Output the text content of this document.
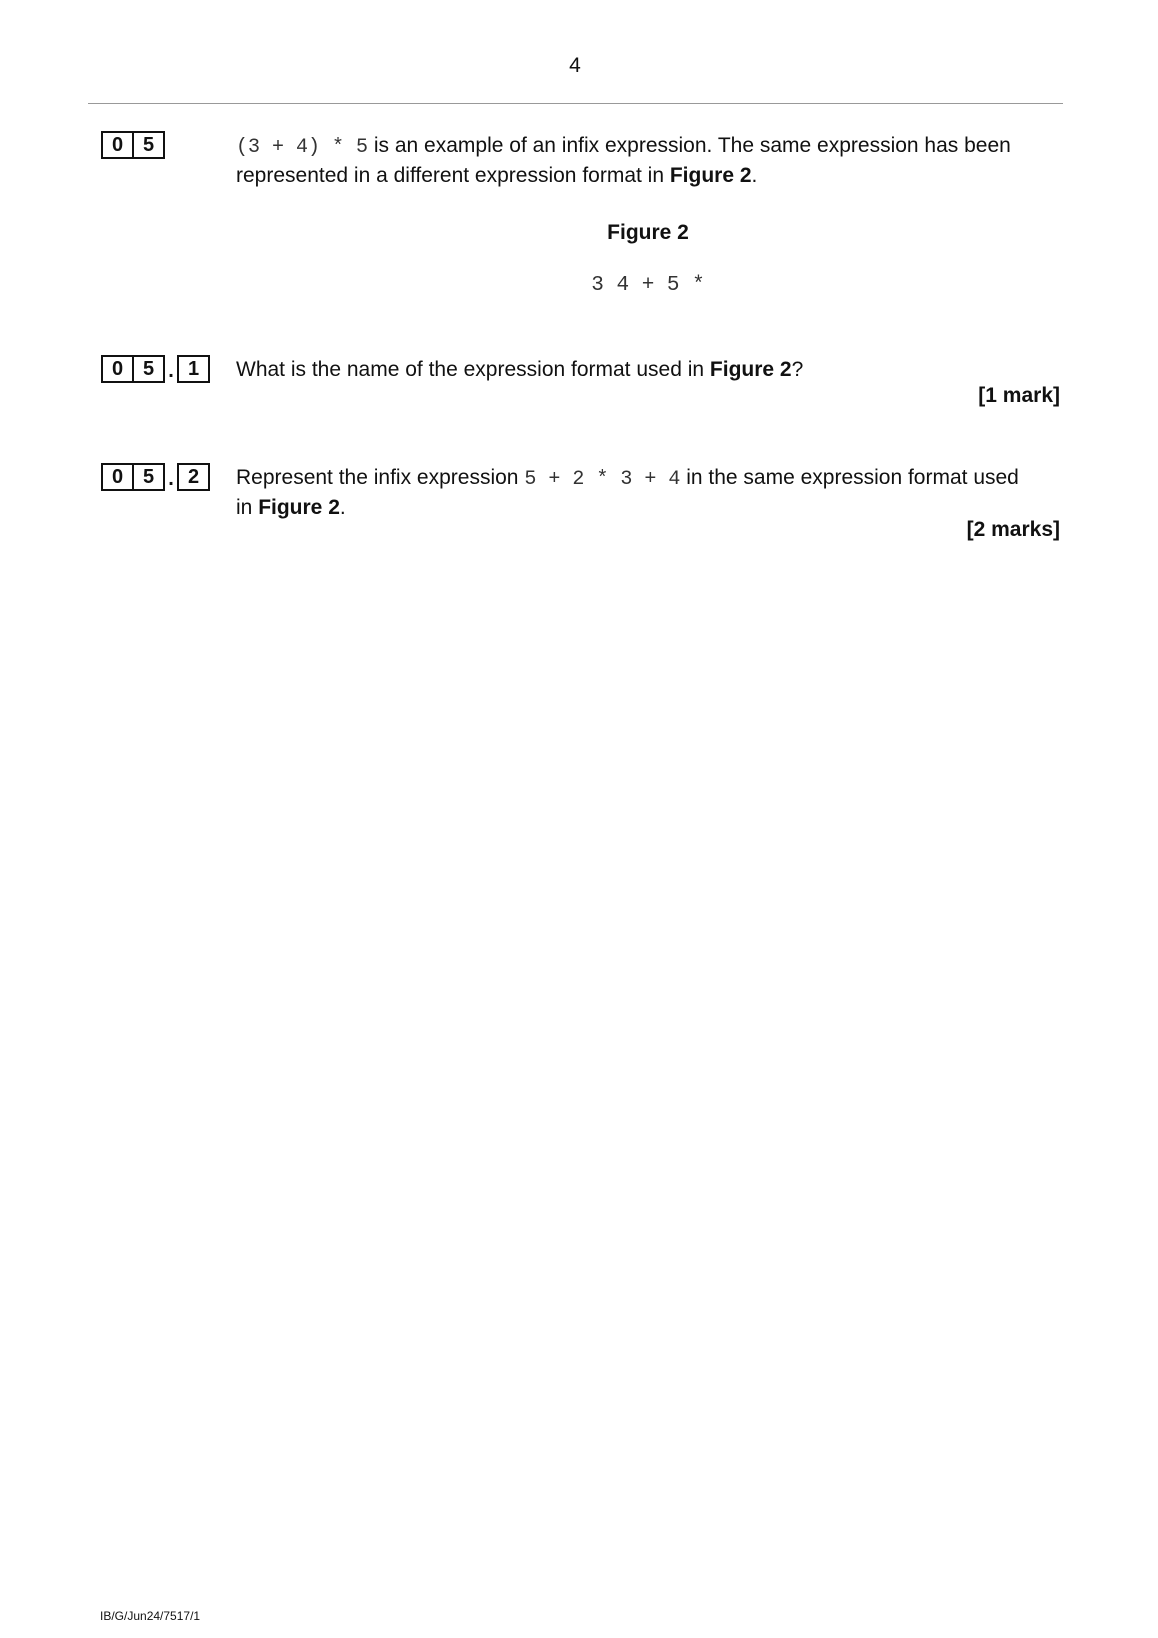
4
0 5	(3 + 4) * 5 is an example of an infix expression. The same expression has been represented in a different expression format in Figure 2.
Figure 2
3 4 + 5 *
0 5 . 1	What is the name of the expression format used in Figure 2?
[1 mark]
0 5 . 2	Represent the infix expression 5 + 2 * 3 + 4 in the same expression format used in Figure 2.
[2 marks]
IB/G/Jun24/7517/1
